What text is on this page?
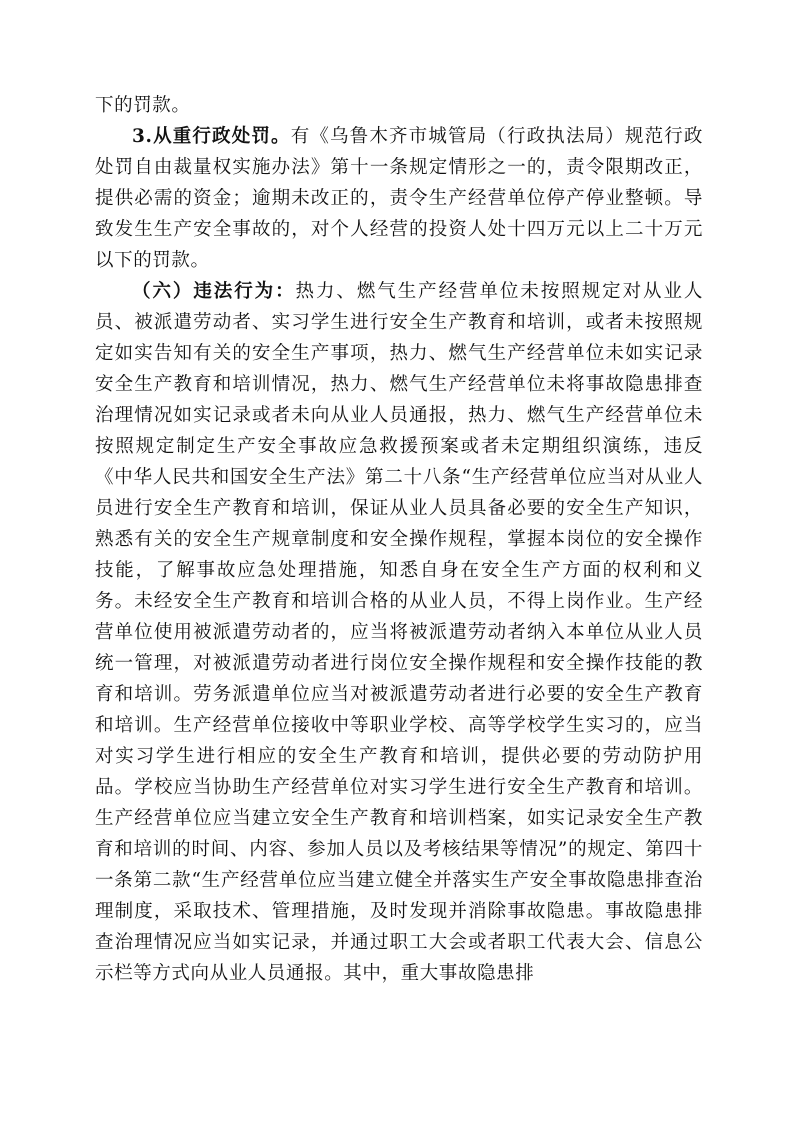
下的罚款。

3.从重行政处罚。有《乌鲁木齐市城管局（行政执法局）规范行政处罚自由裁量权实施办法》第十一条规定情形之一的，责令限期改正，提供必需的资金；逾期未改正的，责令生产经营单位停产停业整顿。导致发生生产安全事故的，对个人经营的投资人处十四万元以上二十万元以下的罚款。

（六）违法行为：热力、燃气生产经营单位未按照规定对从业人员、被派遣劳动者、实习学生进行安全生产教育和培训，或者未按照规定如实告知有关的安全生产事项，热力、燃气生产经营单位未如实记录安全生产教育和培训情况，热力、燃气生产经营单位未将事故隐患排查治理情况如实记录或者未向从业人员通报，热力、燃气生产经营单位未按照规定制定生产安全事故应急救援预案或者未定期组织演练，违反《中华人民共和国安全生产法》第二十八条“生产经营单位应当对从业人员进行安全生产教育和培训，保证从业人员具备必要的安全生产知识，熟悉有关的安全生产规章制度和安全操作规程，掌握本岗位的安全操作技能，了解事故应急处理措施，知悉自身在安全生产方面的权利和义务。未经安全生产教育和培训合格的从业人员，不得上岗作业。生产经营单位使用被派遣劳动者的，应当将被派遣劳动者纳入本单位从业人员统一管理，对被派遣劳动者进行岗位安全操作规程和安全操作技能的教育和培训。劳务派遣单位应当对被派遣劳动者进行必要的安全生产教育和培训。生产经营单位接收中等职业学校、高等学校学生实习的，应当对实习学生进行相应的安全生产教育和培训，提供必要的劳动防护用品。学校应当协助生产经营单位对实习学生进行安全生产教育和培训。生产经营单位应当建立安全生产教育和培训档案，如实记录安全生产教育和培训的时间、内容、参加人员以及考核结果等情况”的规定、第四十一条第二款“生产经营单位应当建立健全并落实生产安全事故隐患排查治理制度，采取技术、管理措施，及时发现并消除事故隐患。事故隐患排查治理情况应当如实记录，并通过职工大会或者职工代表大会、信息公示栏等方式向从业人员通报。其中，重大事故隐患排
